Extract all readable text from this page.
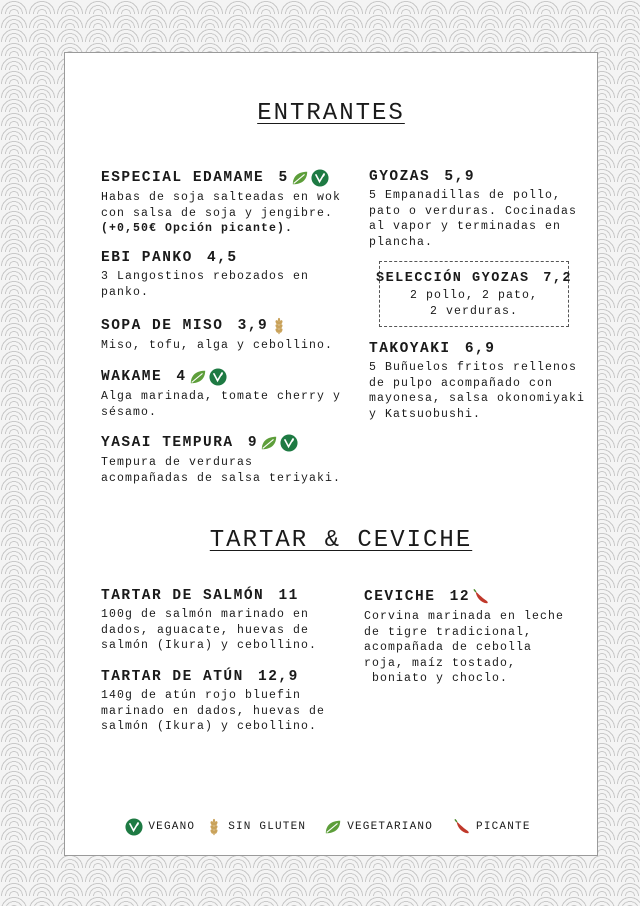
ENTRANTES
ESPECIAL EDAMAME
5
Habas de soja salteadas en wok
con salsa de soja y jengibre.
(+0,50€ Opción picante).
EBI PANKO
4,5
3 Langostinos rebozados en
panko.
SOPA DE MISO
3,9
Miso, tofu, alga y cebollino.
WAKAME
4
Alga marinada, tomate cherry y
sésamo.
YASAI TEMPURA
9
Tempura de verduras
acompañadas de salsa teriyaki.
GYOZAS
5,9
5 Empanadillas de pollo,
pato o verduras. Cocinadas
al vapor y terminadas en
plancha.
SELECCIÓN GYOZAS
7,2
2 pollo, 2 pato,
2 verduras.
TAKOYAKI
6,9
5 Buñuelos fritos rellenos
de pulpo acompañado con
mayonesa, salsa okonomiyaki
y Katsuobushi.
TARTAR & CEVICHE
TARTAR DE SALMÓN
11
100g de salmón marinado en
dados, aguacate, huevas de
salmón (Ikura) y cebollino.
TARTAR DE ATÚN
12,9
140g de atún rojo bluefin
marinado en dados, huevas de
salmón (Ikura) y cebollino.
CEVICHE
12
Corvina marinada en leche
de tigre tradicional,
acompañada de cebolla
roja, maíz tostado,
boniato y choclo.
VEGANO	SIN GLUTEN	VEGETARIANO	PICANTE
